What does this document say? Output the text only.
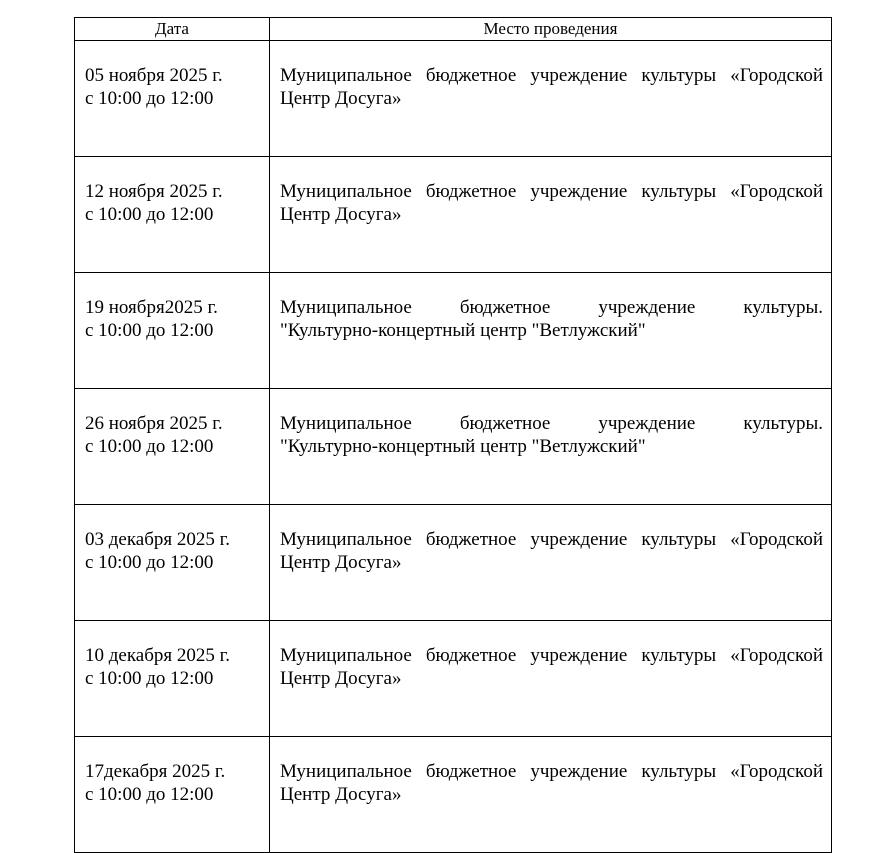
Дата	Место проведения

05 ноября 2025 г.
с 10:00 до 12:00	Муниципальное бюджетное учреждение культуры «Городской
Центр Досуга»

12 ноября 2025 г.
с 10:00 до 12:00	Муниципальное бюджетное учреждение культуры «Городской
Центр Досуга»

19 ноября2025 г.
с 10:00 до 12:00	Муниципальное бюджетное учреждение культуры.
"Культурно-концертный центр "Ветлужский"

26 ноября 2025 г.
с 10:00 до 12:00	Муниципальное бюджетное учреждение культуры.
"Культурно-концертный центр "Ветлужский"

03 декабря 2025 г.
с 10:00 до 12:00	Муниципальное бюджетное учреждение культуры «Городской
Центр Досуга»

10 декабря 2025 г.
с 10:00 до 12:00	Муниципальное бюджетное учреждение культуры «Городской
Центр Досуга»

17декабря 2025 г.
с 10:00 до 12:00	Муниципальное бюджетное учреждение культуры «Городской
Центр Досуга»
